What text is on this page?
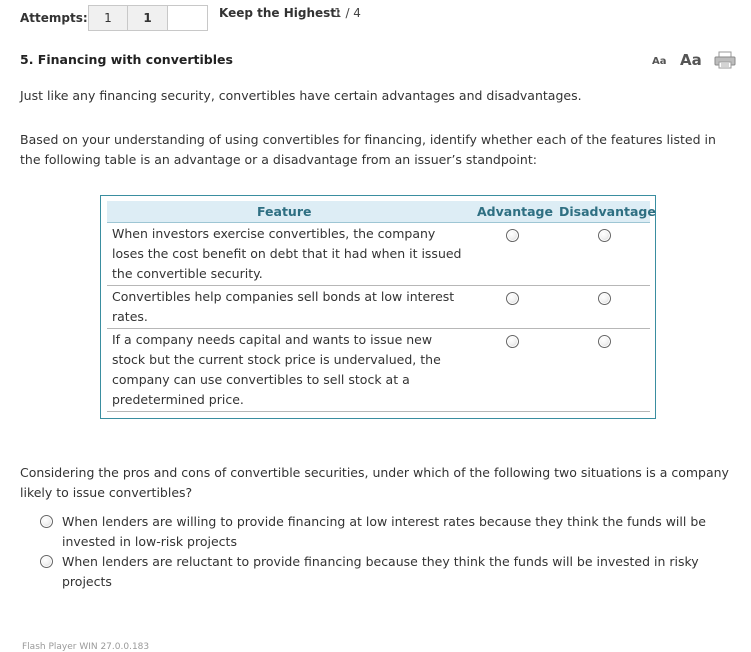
Attempts:	1	1	Keep the Highest:
1 / 4
5. Financing with convertibles	Aa Aa
Just like any financing security, convertibles have certain advantages and disadvantages.
Based on your understanding of using convertibles for financing, identify whether each of the features listed in the following table is an advantage or a disadvantage from an issuer’s standpoint:
Feature	Advantage Disadvantage
When investors exercise convertibles, the company loses the cost benefit on debt that it had when it issued the convertible security.
Convertibles help companies sell bonds at low interest rates.
If a company needs capital and wants to issue new stock but the current stock price is undervalued, the company can use convertibles to sell stock at a predetermined price.
Considering the pros and cons of convertible securities, under which of the following two situations is a company likely to issue convertibles?
When lenders are willing to provide financing at low interest rates because they think the funds will be invested in low-risk projects
When lenders are reluctant to provide financing because they think the funds will be invested in risky projects
Flash Player WIN 27.0.0.183
